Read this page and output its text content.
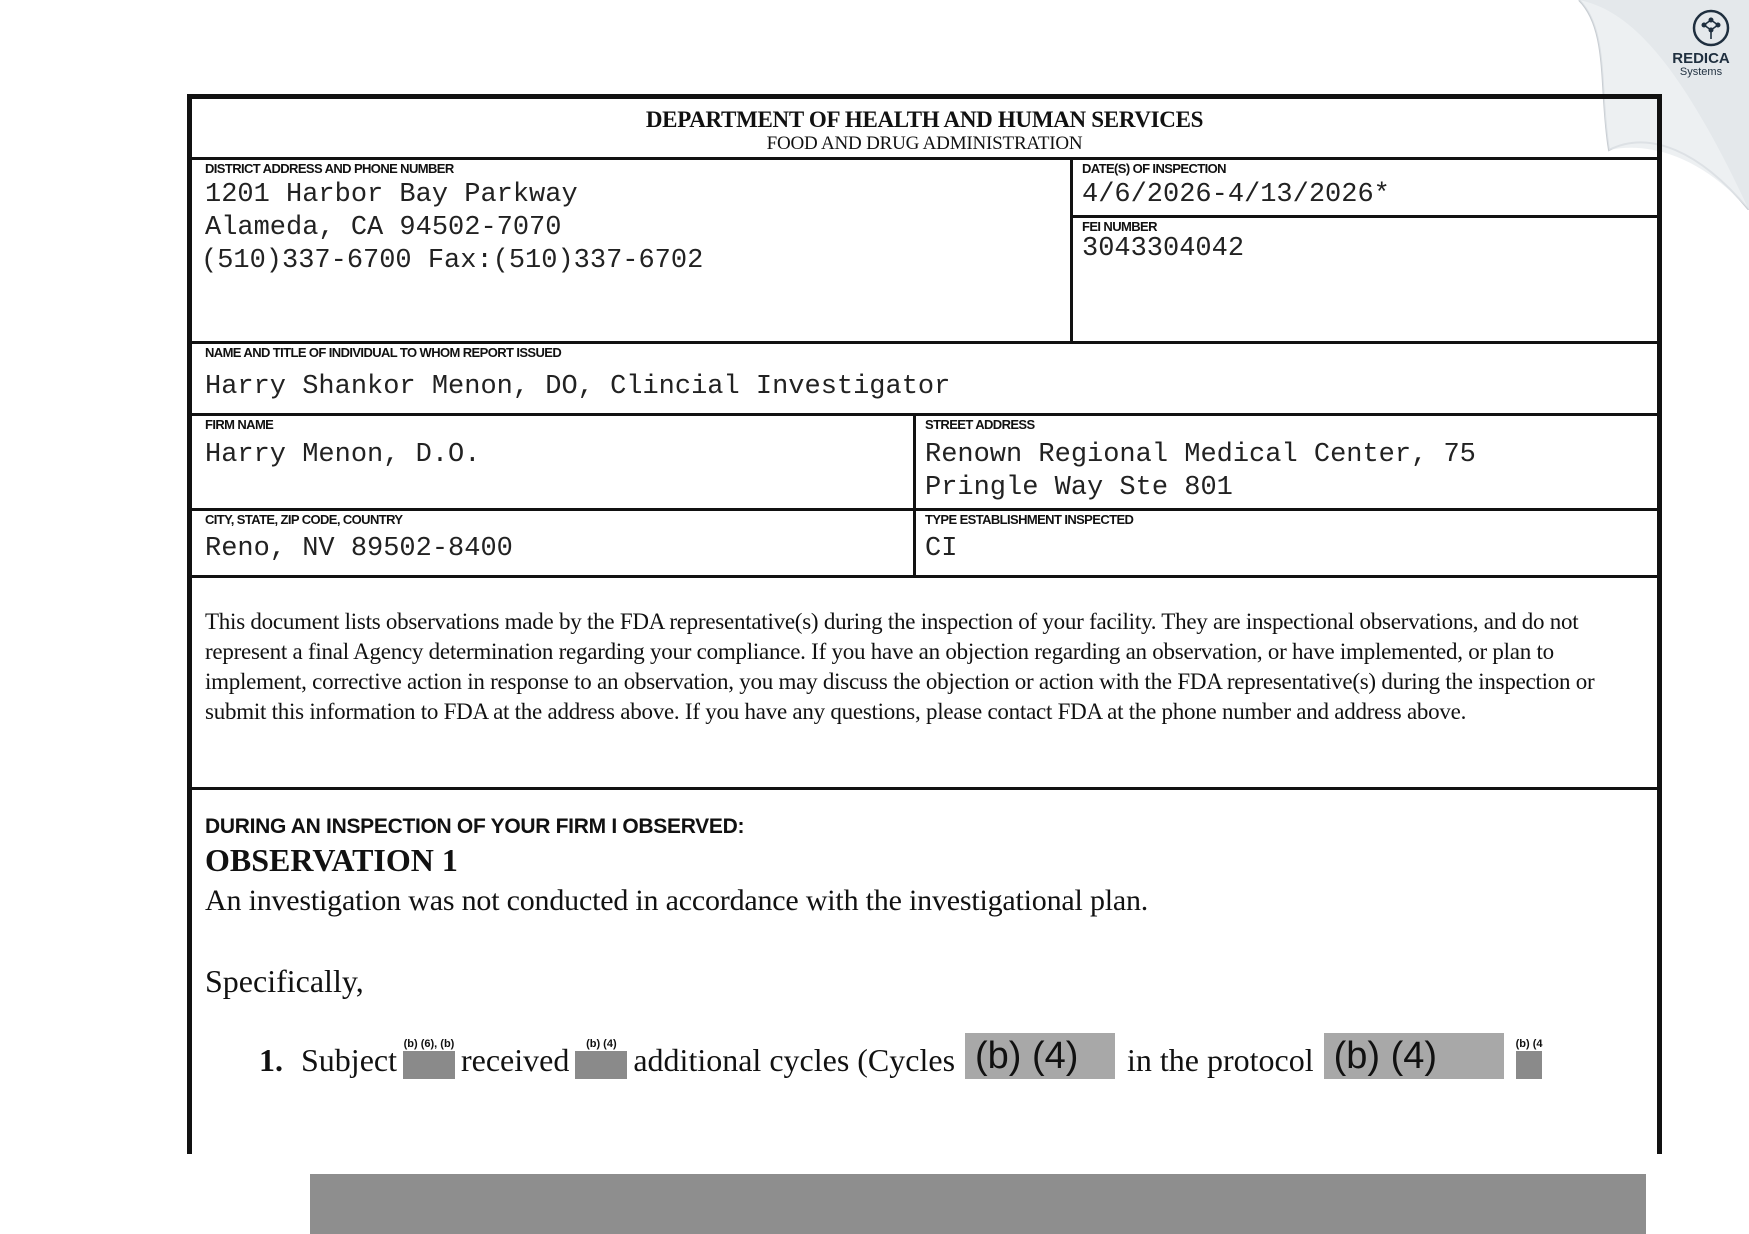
REDICA
Systems
DEPARTMENT OF HEALTH AND HUMAN SERVICES
FOOD AND DRUG ADMINISTRATION
DISTRICT ADDRESS AND PHONE NUMBER
1201 Harbor Bay Parkway
Alameda, CA 94502-7070
(510)337-6700 Fax:(510)337-6702
DATE(S) OF INSPECTION
4/6/2026-4/13/2026*
FEI NUMBER
3043304042
NAME AND TITLE OF INDIVIDUAL TO WHOM REPORT ISSUED
Harry Shankor Menon, DO, Clincial Investigator
FIRM NAME
Harry Menon, D.O.
STREET ADDRESS
Renown Regional Medical Center, 75
Pringle Way Ste 801
CITY, STATE, ZIP CODE, COUNTRY
Reno, NV 89502-8400
TYPE ESTABLISHMENT INSPECTED
CI
This document lists observations made by the FDA representative(s) during the inspection of your facility. They are inspectional observations, and do not represent a final Agency determination regarding your compliance. If you have an objection regarding an observation, or have implemented, or plan to implement, corrective action in response to an observation, you may discuss the objection or action with the FDA representative(s) during the inspection or submit this information to FDA at the address above. If you have any questions, please contact FDA at the phone number and address above.
DURING AN INSPECTION OF YOUR FIRM I OBSERVED:
OBSERVATION 1
An investigation was not conducted in accordance with the investigational plan.
Specifically,
1. Subject (b) (6), (b) received	(b) (4) additional cycles (Cycles (b) (4)	in the protocol (b) (4)	(b) (4
